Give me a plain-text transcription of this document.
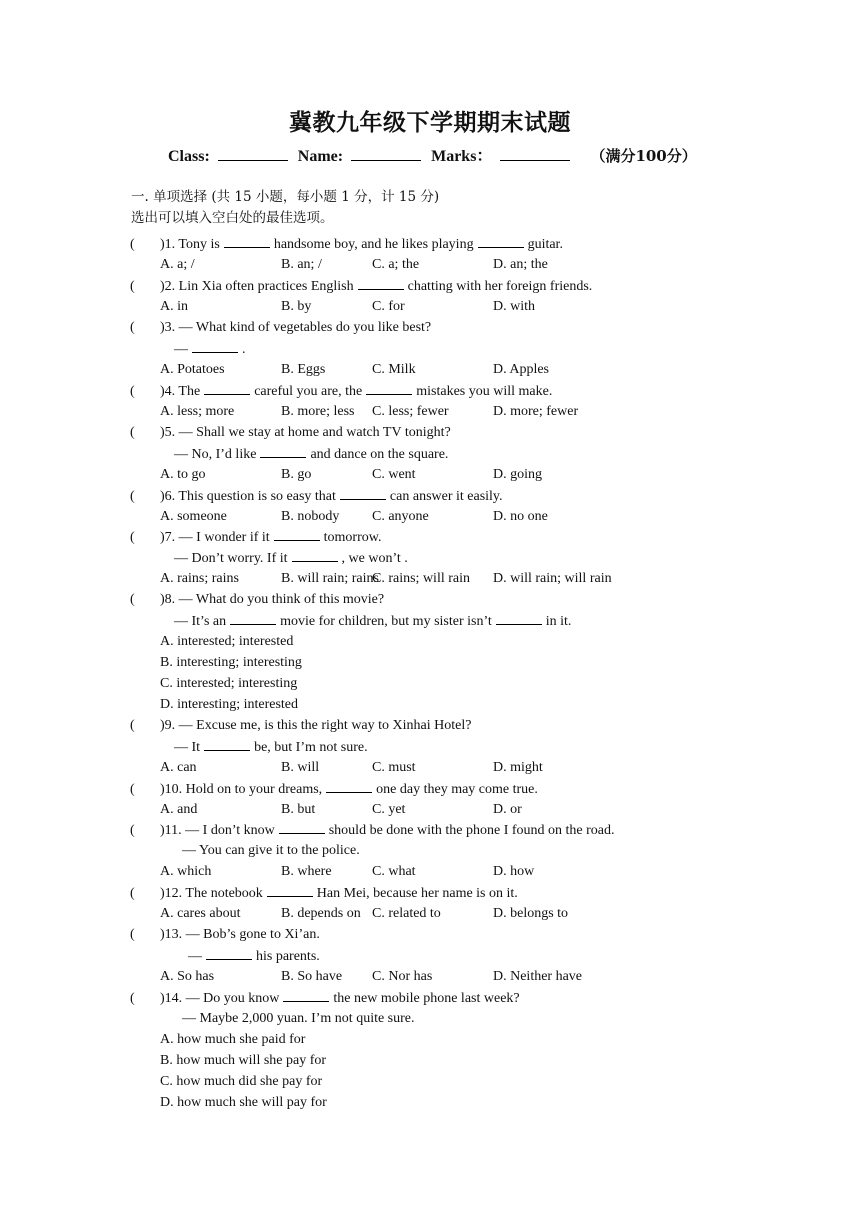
冀教九年级下学期期末试题
Class:	Name:	Marks：	（满分100分）
一. 单项选择 (共 15 小题，每小题 1 分，计 15 分)
选出可以填入空白处的最佳选项。
( )1. Tony is	handsome boy, and he likes playing	guitar.
A. a; /	B. an; /	C. a; the	D. an; the
( )2. Lin Xia often practices English	chatting with her foreign friends.
A. in	B. by	C. for	D. with
( )3. — What kind of vegetables do you like best?
—	.
A. Potatoes	B. Eggs	C. Milk	D. Apples
( )4. The	careful you are, the	mistakes you will make.
A. less; more	B. more; less C. less; fewer	D. more; fewer
( )5. — Shall we stay at home and watch TV tonight?
— No, I’d like	and dance on the square.
A. to go	B. go	C. went	D. going
( )6. This question is so easy that	can answer it easily.
A. someone	B. nobody C. anyone	D. no one
( )7. — I wonder if it	tomorrow.
— Don’t worry. If it	, we won’t .
A. rains; rains	B. will rain; rains
C. rains; will rain D. will rain; will rain
( )8. — What do you think of this movie?
— It’s an	movie for children, but my sister isn’t	in it.
A. interested; interested
B. interesting; interesting
C. interested; interesting
D. interesting; interested
( )9. — Excuse me, is this the right way to Xinhai Hotel?
— It	be, but I’m not sure.
A. can	B. will	C. must	D. might
( )10. Hold on to your dreams,	one day they may come true.
A. and	B. but	C. yet	D. or
( )11. — I don’t know	should be done with the phone I found on the road.
— You can give it to the police.
A. which	B. where	C. what	D. how
( )12. The notebook	Han Mei, because her name is on it.
A. cares about	B. depends on C. related to	D. belongs to
( )13. — Bob’s gone to Xi’an.
—	his parents.
A. So has	B. So have C. Nor has	D. Neither have
( )14. — Do you know	the new mobile phone last week?
— Maybe 2,000 yuan. I’m not quite sure.
A. how much she paid for
B. how much will she pay for
C. how much did she pay for
D. how much she will pay for
